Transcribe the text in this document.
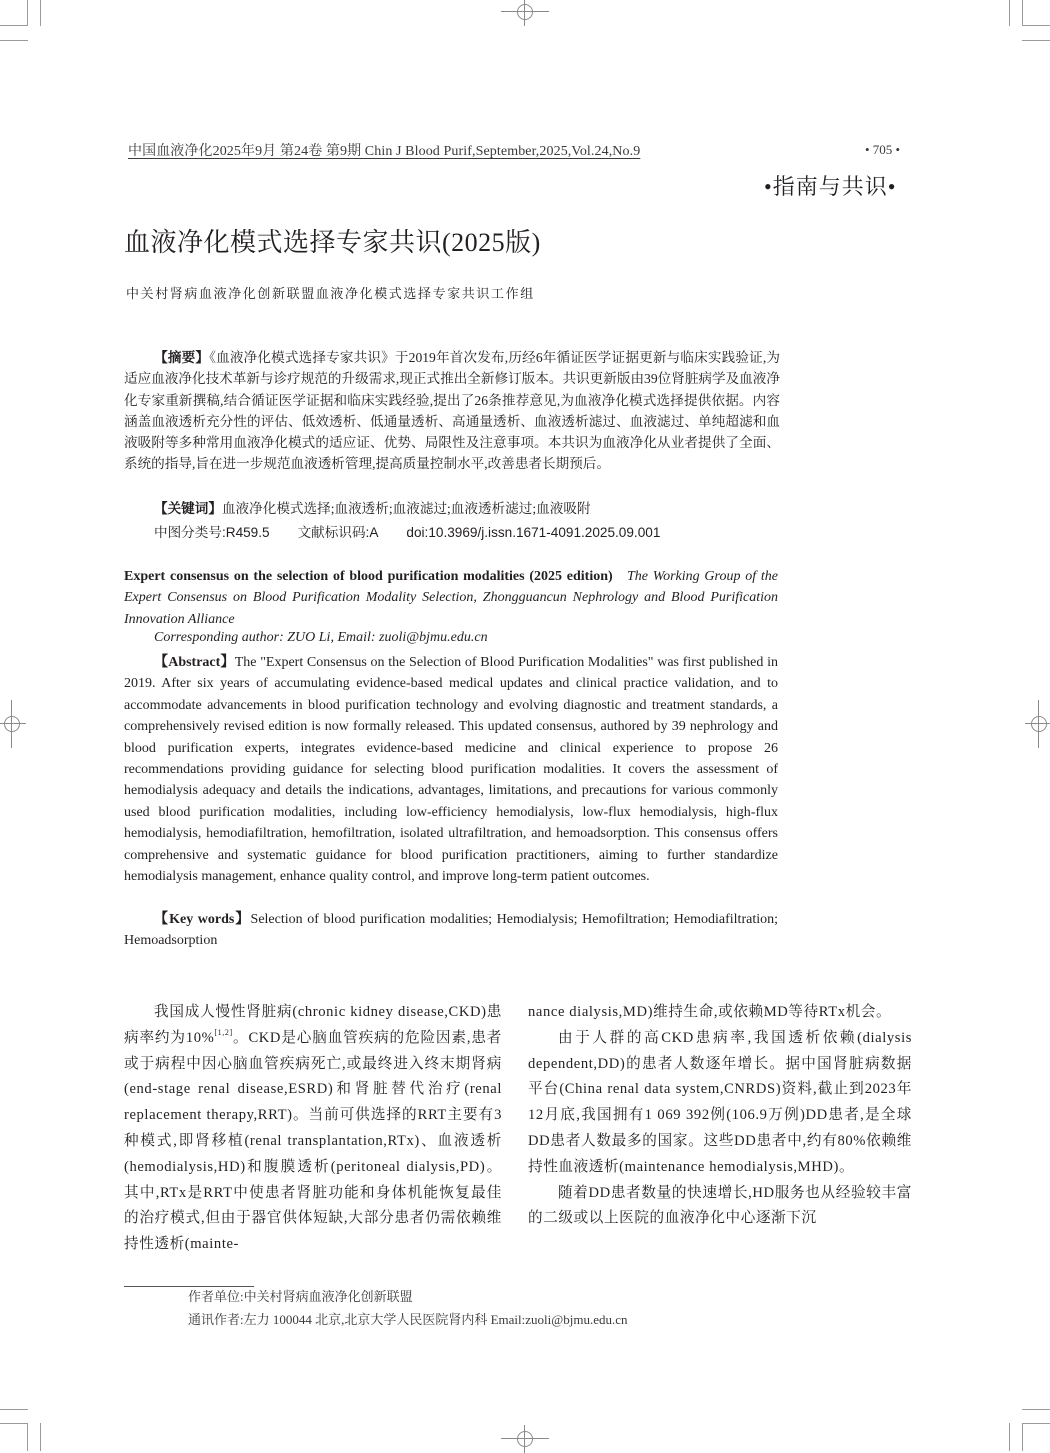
中国血液净化2025年9月 第24卷 第9期 Chin J Blood Purif,September,2025,Vol.24,No.9	• 705 •
•指南与共识•
血液净化模式选择专家共识(2025版)
中关村肾病血液净化创新联盟血液净化模式选择专家共识工作组
【摘要】《血液净化模式选择专家共识》于2019年首次发布,历经6年循证医学证据更新与临床实践验证,为适应血液净化技术革新与诊疗规范的升级需求,现正式推出全新修订版本。共识更新版由39位肾脏病学及血液净化专家重新撰稿,结合循证医学证据和临床实践经验,提出了26条推荐意见,为血液净化模式选择提供依据。内容涵盖血液透析充分性的评估、低效透析、低通量透析、高通量透析、血液透析滤过、血液滤过、单纯超滤和血液吸附等多种常用血液净化模式的适应证、优势、局限性及注意事项。本共识为血液净化从业者提供了全面、系统的指导,旨在进一步规范血液透析管理,提高质量控制水平,改善患者长期预后。
【关键词】血液净化模式选择;血液透析;血液滤过;血液透析滤过;血液吸附
中图分类号:R459.5 文献标识码:A doi:10.3969/j.issn.1671-4091.2025.09.001
Expert consensus on the selection of blood purification modalities (2025 edition) The Working Group of the Expert Consensus on Blood Purification Modality Selection, Zhongguancun Nephrology and Blood Purification Innovation Alliance
Corresponding author: ZUO Li, Email: zuoli@bjmu.edu.cn
【Abstract】The "Expert Consensus on the Selection of Blood Purification Modalities" was first published in 2019. After six years of accumulating evidence-based medical updates and clinical practice validation, and to accommodate advancements in blood purification technology and evolving diagnostic and treatment standards, a comprehensively revised edition is now formally released. This updated consensus, authored by 39 nephrology and blood purification experts, integrates evidence-based medicine and clinical experience to propose 26 recommendations providing guidance for selecting blood purification modalities. It covers the assessment of hemodialysis adequacy and details the indications, advantages, limitations, and precautions for various commonly used blood purification modalities, including low-efficiency hemodialysis, low-flux hemodialysis, high-flux hemodialysis, hemodiafiltration, hemofiltration, isolated ultrafiltration, and hemoadsorption. This consensus offers comprehensive and systematic guidance for blood purification practitioners, aiming to further standardize hemodialysis management, enhance quality control, and improve long-term patient outcomes.
【Key words】Selection of blood purification modalities; Hemodialysis; Hemofiltration; Hemodiafiltration; Hemoadsorption

我国成人慢性肾脏病(chronic kidney disease,CKD)患病率约为10%[1,2]。CKD是心脑血管疾病的危险因素,患者或于病程中因心脑血管疾病死亡,或最终进入终末期肾病(end-stage renal disease,ESRD)和肾脏替代治疗(renal replacement therapy,RRT)。当前可供选择的RRT主要有3种模式,即肾移植(renal transplantation,RTx)、血液透析(hemodialysis,HD)和腹膜透析(peritoneal dialysis,PD)。其中,RTx是RRT中使患者肾脏功能和身体机能恢复最佳的治疗模式,但由于器官供体短缺,大部分患者仍需依赖维持性透析(mainte-

nance dialysis,MD)维持生命,或依赖MD等待RTx机会。

由于人群的高CKD患病率,我国透析依赖(dialysis dependent,DD)的患者人数逐年增长。据中国肾脏病数据平台(China renal data system,CNRDS)资料,截止到2023年12月底,我国拥有1 069 392例(106.9万例)DD患者,是全球DD患者人数最多的国家。这些DD患者中,约有80%依赖维持性血液透析(maintenance hemodialysis,MHD)。

随着DD患者数量的快速增长,HD服务也从经验较丰富的二级或以上医院的血液净化中心逐渐下沉

作者单位:中关村肾病血液净化创新联盟
通讯作者:左力 100044 北京,北京大学人民医院肾内科 Email:zuoli@bjmu.edu.cn
